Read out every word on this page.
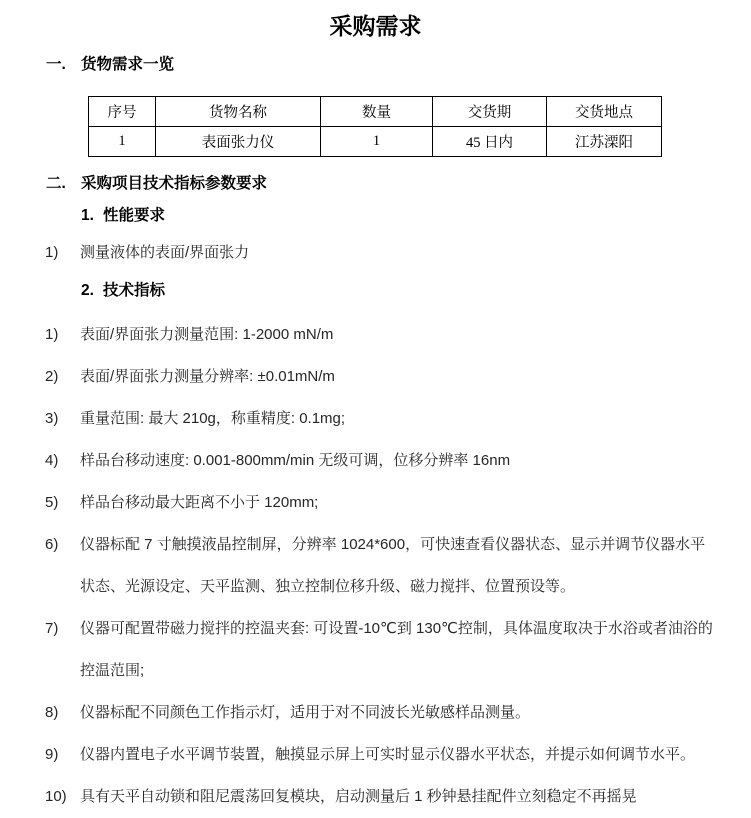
采购需求
一. 货物需求一览
序号	货物名称	数量	交货期	交货地点
1	表面张力仪	1	45 日内	江苏溧阳
二. 采购项目技术指标参数要求
1. 性能要求
1)	测量液体的表面/界面张力
2. 技术指标
1)	表面/界面张力测量范围: 1-2000 mN/m
2)	表面/界面张力测量分辨率: ±0.01mN/m
3)	重量范围: 最大 210g，称重精度: 0.1mg;
4)	样品台移动速度: 0.001-800mm/min 无级可调，位移分辨率 16nm
5)	样品台移动最大距离不小于 120mm;
6)	仪器标配 7 寸触摸液晶控制屏，分辨率 1024*600，可快速查看仪器状态、显示并调节仪器水平
状态、光源设定、天平监测、独立控制位移升级、磁力搅拌、位置预设等。
7)	仪器可配置带磁力搅拌的控温夹套: 可设置-10℃到 130℃控制，具体温度取决于水浴或者油浴的
控温范围;
8)	仪器标配不同颜色工作指示灯，适用于对不同波长光敏感样品测量。
9)	仪器内置电子水平调节装置，触摸显示屏上可实时显示仪器水平状态，并提示如何调节水平。
10) 具有天平自动锁和阻尼震荡回复模块，启动测量后 1 秒钟悬挂配件立刻稳定不再摇晃
